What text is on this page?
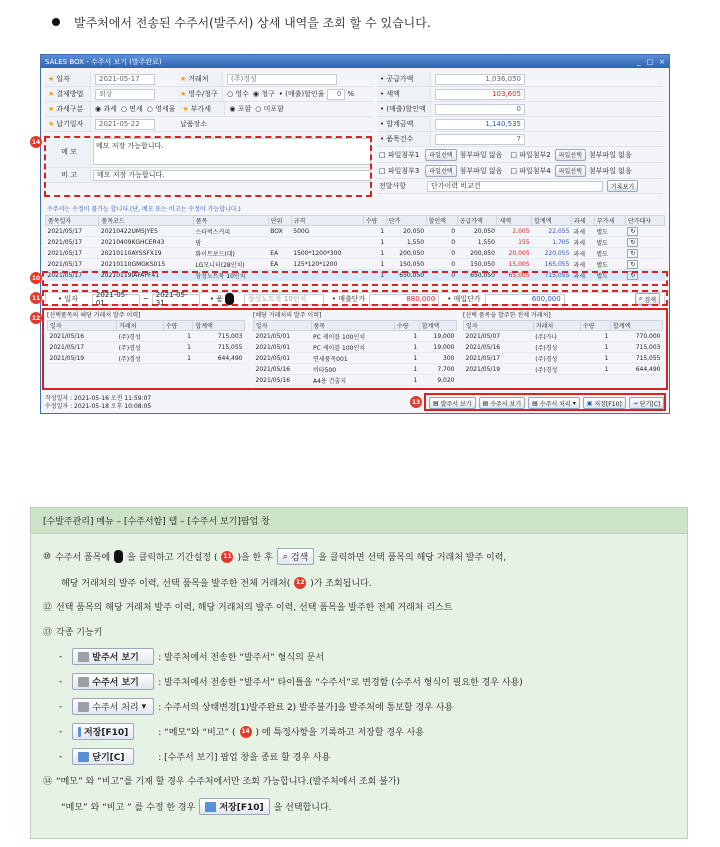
발주처에서 전송된 수주서(발주서) 상세 내역을 조회 할 수 있습니다.
SALES BOX - 수주서 보기 (발주완료)	_ □ ×
★ 일자	2021-05-17	★ 거래처	(주)경성
★ 결제방법	외상	★ 영수/청구 ○ 영수 ◉ 청구 • (매출)할인율	0 %
★ 과세구분 ◉ 과세 ○ 면세 ○ 영세율 ★ 부가세	◉ 포함 ○ 미포함
★ 납기일자	2021-05-22	납품장소
메 모
메모 저장 가능합니다.
비 고	메모 저장 가능합니다.
• 공급가액	1,036,050
• 세액	103,605
• (매출)할인액	0
• 합계금액	1,140,535
• 품목건수	7
□ 파일첨부1	파일선택	첨부파일 없음 □ 파일첨부2	파일선택	첨부파일 없음
□ 파일첨부3	파일선택	첨부파일 없음 □ 파일첨부4	파일선택	첨부파일 없음
전달사항	단가이력 비교건	기록보기
수주서는 수정이 불가능 합니다.(단, 메모 또는 비고는 수정이 가능합니다.)
품목일자	품목코드	품목	단위	규격	수량	단가	할인액	공급가액	세액	합계액	과세	부가세	단가대사
2021/05/17	20210422UM5JYE5	스타벅스커피	BOX	500G	1	20,050	0	20,050	2,005	22,055	과세	별도	↻
2021/05/17	20210409KGHCER43	팜			1	1,550	0	1,550	155	1,705	과세	별도	↻
2021/05/17	20210110AYSSFX19	화이트보드(대)	EA	1500*1200*300	1	200,050	0	200,050	20,005	220,055	과세	별도	↻
2021/05/17	20210110GMGKS015	LG모니터(28인치)	EA	125*120*1200	1	150,050	0	150,050	15,005	165,055	과세	별도	↻
2021/05/17	20210119IAFAPF41	삼성노트북 10인치			1	650,050	0	650,050	65,005	715,055	과세	별도	↻
• 일자	2021-05-01	~	2021-05-31	• 품	삼성노트북 10인치	• 매출단가	880,000	• 매입단가	600,000	⌕ 검색
[선택품목의 해당 거래처 발주 이력]
일자	거래처	수량	합계액
2021/05/16	(주)경성	1	715,003
2021/05/17	(주)경성	1	715,055
2021/05/19	(주)경성	1	644,490
[해당 거래처의 발주 이력]
일자	품목	수량	합계액
2021/05/01	PC 케이블 100인치	1	19,000
2021/05/01	PC 케이블 100인치	1	19,000
2021/05/01	면세품목001	1	300
2021/05/16	비타500	1	7,700
2021/05/16	A4용 건출지	1	9,020
[선택 품목을 발주한 전체 거래처]
일자	거래처	수량	합계액
2021/05/07	(주)가나	1	770,000
2021/05/16	(주)경성	1	715,003
2021/05/17	(주)경성	1	715,055
2021/05/19	(주)경성	1	644,490
작성일자 : 2021-05-16 오전 11:59:07
수정일자 : 2021-05-18 오후 10:08:05	▤ 발주서 보기 ▤ 수주서 보기 ▤ 수주서 처리 ▾ ▣ 저장[F10] ⇥ 닫기[C]
14
10
11
12
13
[수발주관리] 메뉴 – [수주서함] 탭 – [수주서 보기]팝업 창
⑩ 수주서 품목에 을 클릭하고 기간설정 ( 11 )을 한 후 ⌕ 검색 을 클릭하면 선택 품목의 해당 거래처 발주 이력,
해당 거래처의 발주 이력, 선택 품목을 발주한 전체 거래처( 12 )가 조회됩니다.
⑫ 선택 품목의 해당 거래처 발주 이력, 해당 거래처의 발주 이력, 선택 품목을 발주한 전체 거래처 리스트
⑬ 각종 기능키
-	발주서 보기 : 발주처에서 전송한 “발주서” 형식의 문서
-	수주서 보기 : 발주처에서 전송한 “발주서” 타이틀을 “수주서”로 변경함 (수주서 형식이 필요한 경우 사용)
-	수주서 처리 ▾ : 수주서의 상태변경[1)발주완료 2) 발주불가]을 발주처에 통보할 경우 사용
- 저장[F10]	: “메모”와 “비고” ( 14 ) 에 특정사항을 기록하고 저장할 경우 사용
-	닫기[C]	: [수주서 보기] 팝업 창을 종료 할 경우 사용
⑭ “메모” 와 “비고”를 기재 할 경우 수주처에서만 조회 가능합니다.(발주처에서 조회 불가)
“메모” 와 “비고 ” 를 수정 한 경우	저장[F10] 을 선택합니다.
